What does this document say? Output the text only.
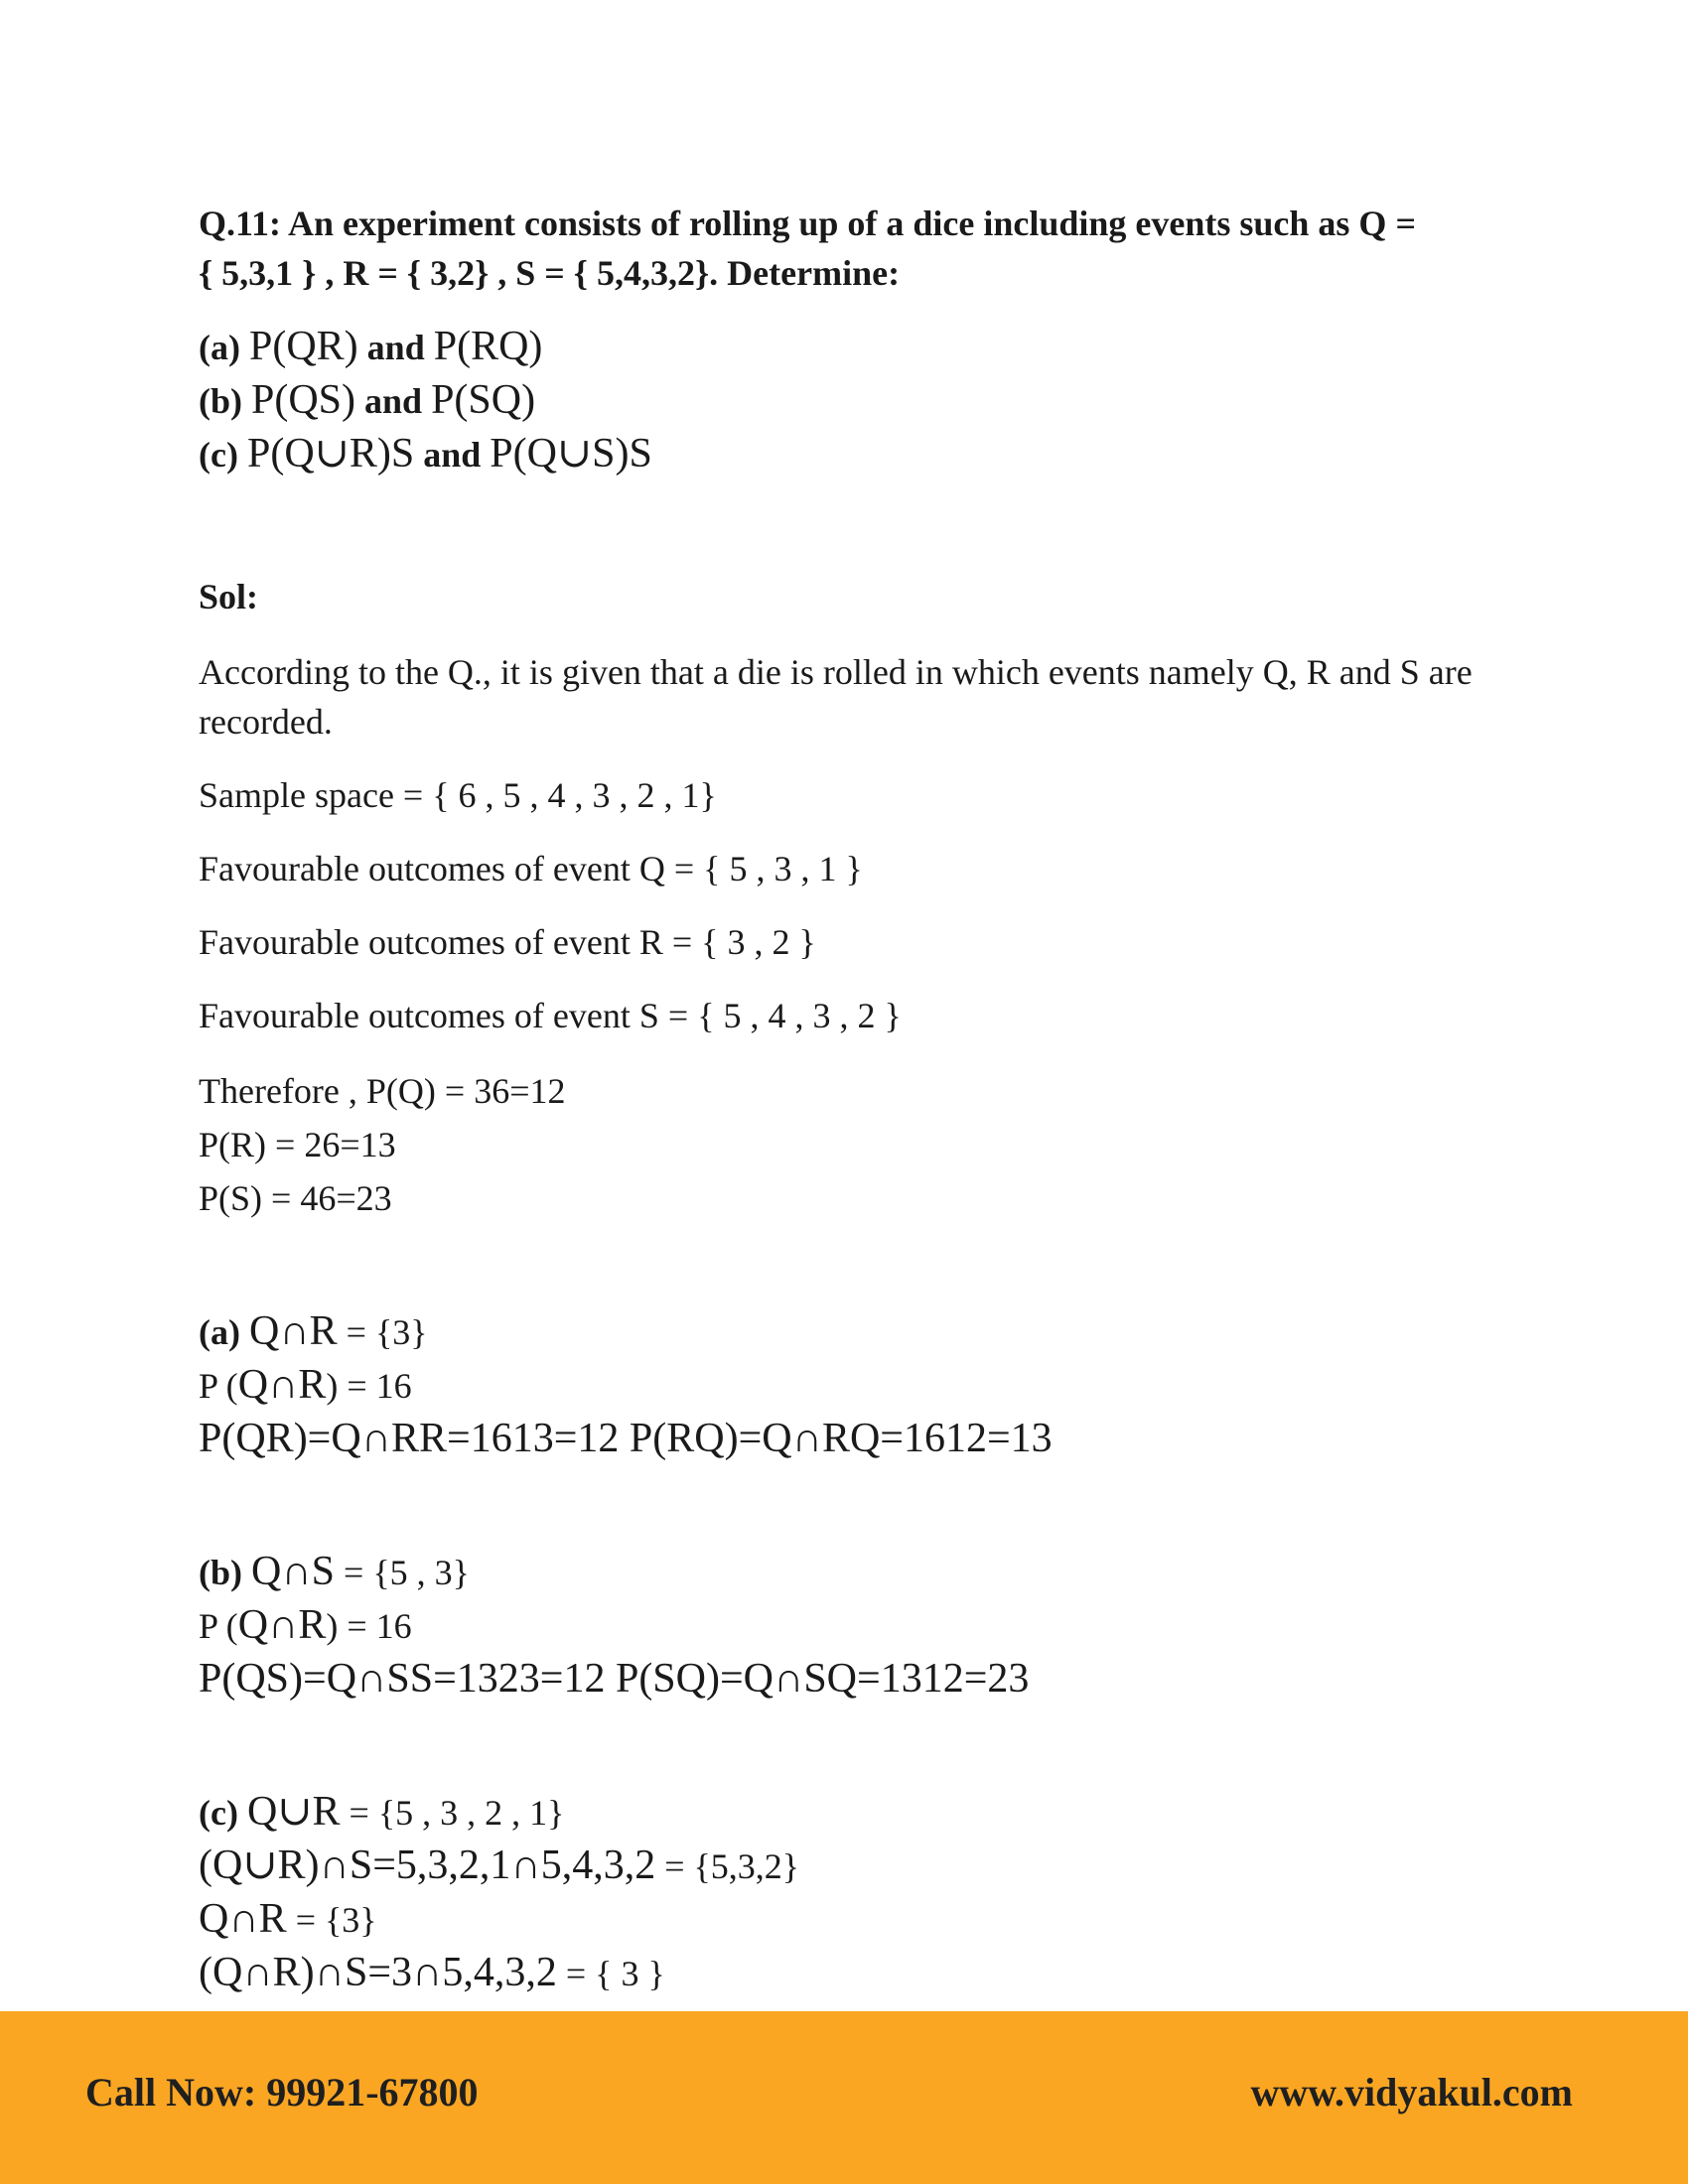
Q.11: An experiment consists of rolling up of a dice including events such as Q =
{ 5,3,1 } , R = { 3,2} , S = { 5,4,3,2}. Determine:
(a) P(QR) and P(RQ)
(b) P(QS) and P(SQ)
(c) P(Q∪R)S and P(Q∪S)S
Sol:
According to the Q., it is given that a die is rolled in which events namely Q, R and S are recorded.
Sample space = { 6 , 5 , 4 , 3 , 2 , 1}
Favourable outcomes of event Q = { 5 , 3 , 1 }
Favourable outcomes of event R = { 3 , 2 }
Favourable outcomes of event S = { 5 , 4 , 3 , 2 }
Therefore , P(Q) = 36=12
P(R) = 26=13
P(S) = 46=23
(a) Q∩R = {3}
P (Q∩R) = 16
P(QR)=Q∩RR=1613=12 P(RQ)=Q∩RQ=1612=13
(b) Q∩S = {5 , 3}
P (Q∩R) = 16
P(QS)=Q∩SS=1323=12 P(SQ)=Q∩SQ=1312=23
(c) Q∪R = {5 , 3 , 2 , 1}
(Q∪R)∩S=5,3,2,1∩5,4,3,2 = {5,3,2}
Q∩R = {3}
(Q∩R)∩S=3∩5,4,3,2 = { 3 }
Call Now: 99921-67800	www.vidyakul.com
